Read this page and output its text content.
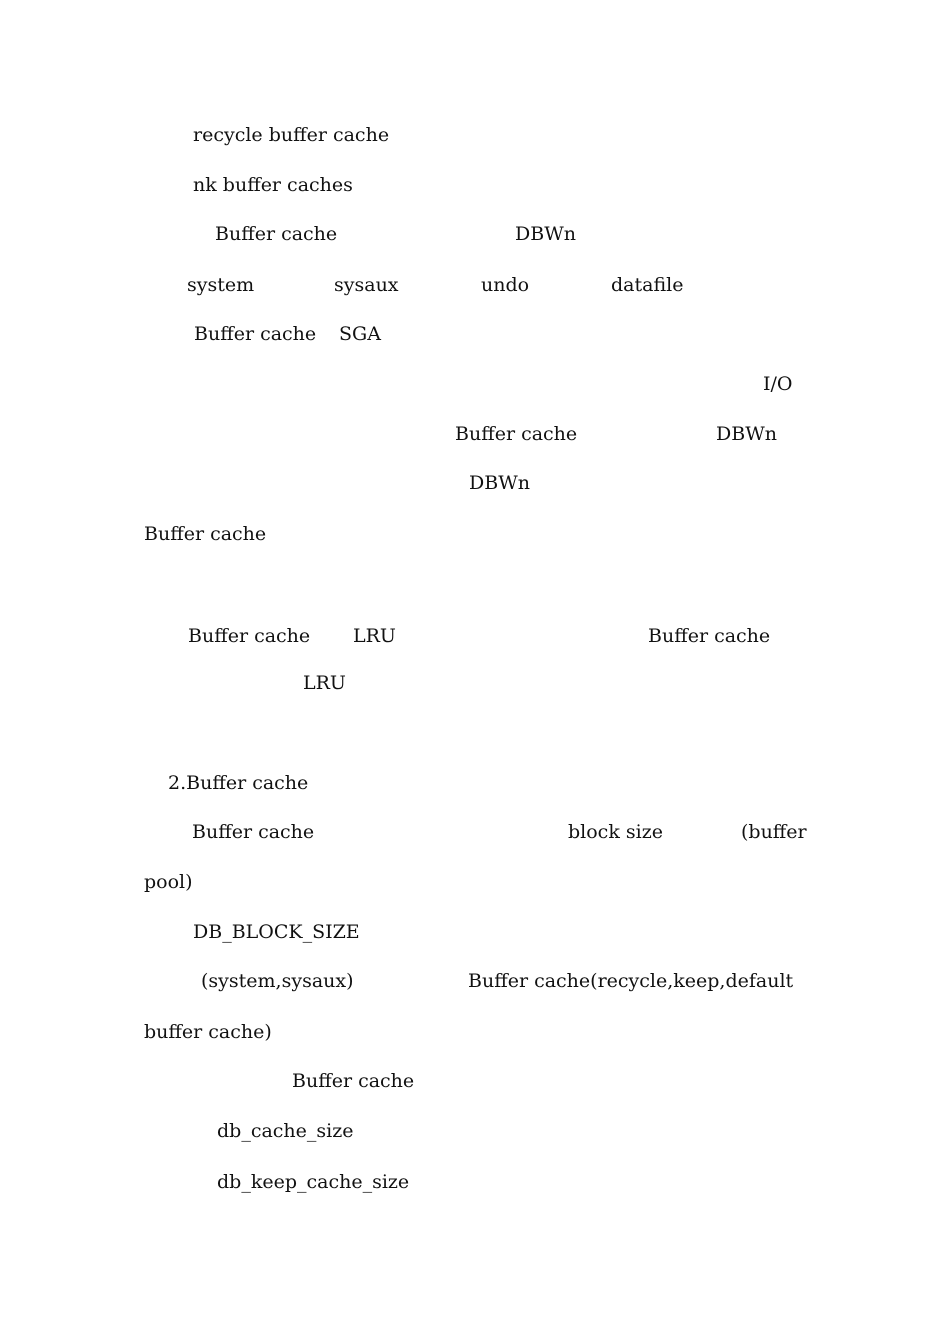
recycle buffer cache
nk buffer caches
Buffer cache	DBWn
system	sysaux	undo	datafile
Buffer cache SGA
I/O
Buffer cache	DBWn
DBWn
Buffer cache
Buffer cache LRU	Buffer cache
LRU
2.Buffer cache
Buffer cache	block size	(buffer
pool)
DB_BLOCK_SIZE
(system,sysaux)	Buffer cache(recycle,keep,default
buffer cache)
Buffer cache
db_cache_size
db_keep_cache_size
